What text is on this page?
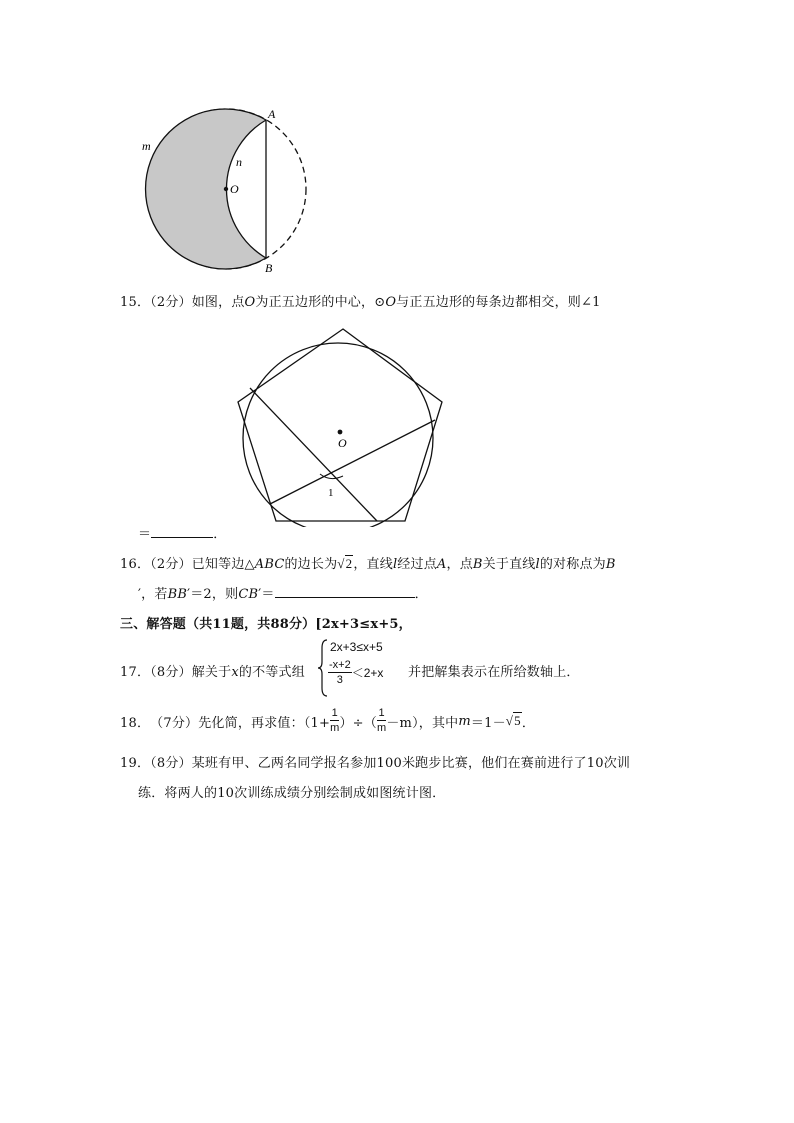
A
B
m
n
O
15．（2分）如图，点O为正五边形的中心，⊙O与正五边形的每条边都相交，则∠1
O
1
＝	．
16．（2分）已知等边△ABC的边长为√2，直线l经过点A，点B关于直线l的对称点为B
′，若BB′＝2，则CB′＝	．
三、解答题（共11题，共88分）[2x+3≤x+5，
17．（8分）解关于x的不等式组
2x+3≤x+5
$\frac{-x+2}{3} <2+x$ 并把解集表示在所给数轴上．
18． （7分） 先化简，再求值：（$1+ \frac{1}{m}$ ）÷（ $\frac{1}{m} -m$），其中 m ＝1－ √5 ．
19．（8分）某班有甲、乙两名同学报名参加100米跑步比赛，他们在赛前进行了10次训
练．将两人的10次训练成绩分别绘制成如图统计图．
